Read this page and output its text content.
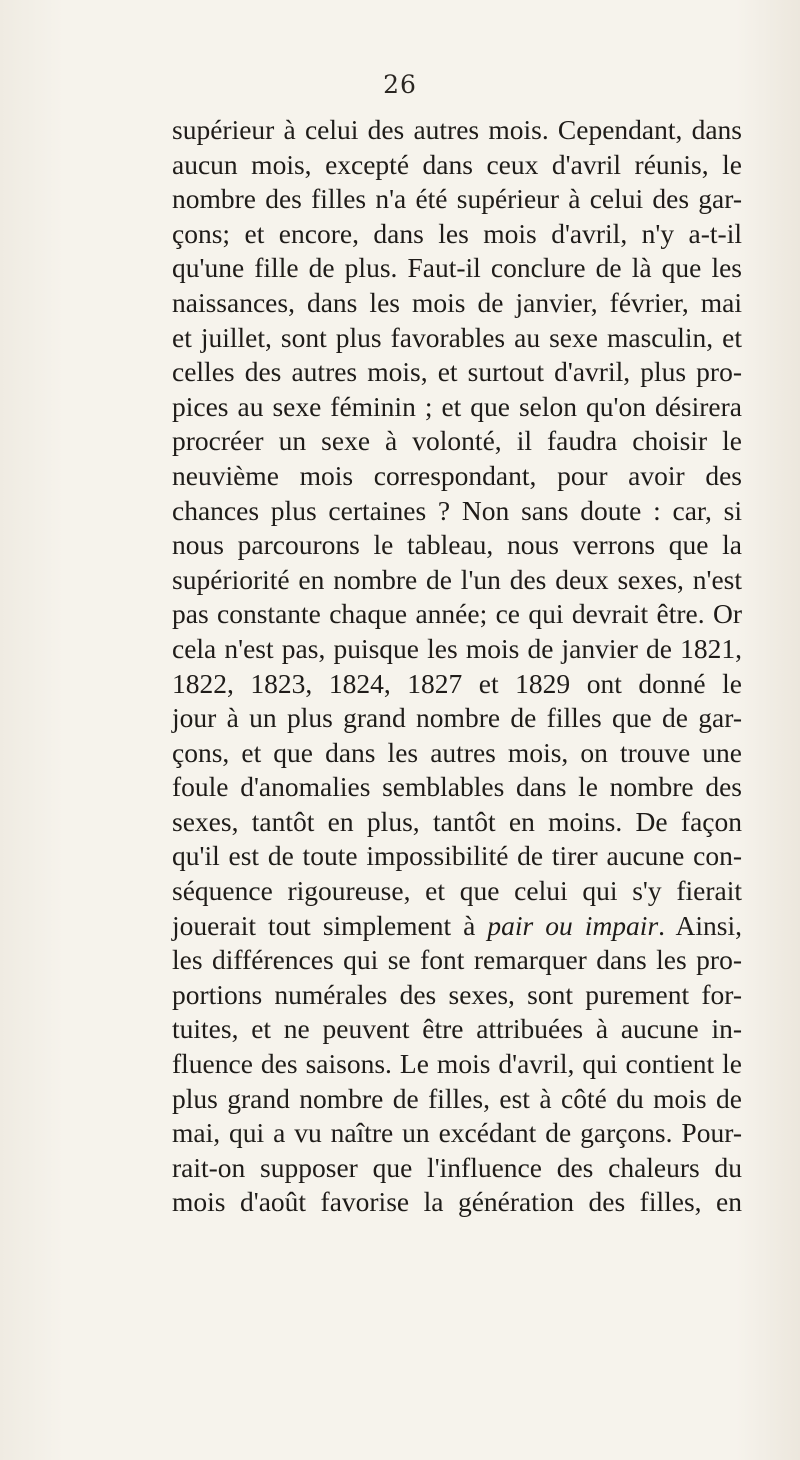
26
supérieur à celui des autres mois. Cependant, dans
aucun mois, excepté dans ceux d'avril réunis, le
nombre des filles n'a été supérieur à celui des gar-
çons; et encore, dans les mois d'avril, n'y a-t-il
qu'une fille de plus. Faut-il conclure de là que les
naissances, dans les mois de janvier, février, mai
et juillet, sont plus favorables au sexe masculin, et
celles des autres mois, et surtout d'avril, plus pro-
pices au sexe féminin ; et que selon qu'on désirera
procréer un sexe à volonté, il faudra choisir le
neuvième mois correspondant, pour avoir des
chances plus certaines ? Non sans doute : car, si
nous parcourons le tableau, nous verrons que la
supériorité en nombre de l'un des deux sexes, n'est
pas constante chaque année; ce qui devrait être. Or
cela n'est pas, puisque les mois de janvier de 1821,
1822, 1823, 1824, 1827 et 1829 ont donné le
jour à un plus grand nombre de filles que de gar-
çons, et que dans les autres mois, on trouve une
foule d'anomalies semblables dans le nombre des
sexes, tantôt en plus, tantôt en moins. De façon
qu'il est de toute impossibilité de tirer aucune con-
séquence rigoureuse, et que celui qui s'y fierait
jouerait tout simplement à pair ou impair. Ainsi,
les différences qui se font remarquer dans les pro-
portions numérales des sexes, sont purement for-
tuites, et ne peuvent être attribuées à aucune in-
fluence des saisons. Le mois d'avril, qui contient le
plus grand nombre de filles, est à côté du mois de
mai, qui a vu naître un excédant de garçons. Pour-
rait-on supposer que l'influence des chaleurs du
mois d'août favorise la génération des filles, en
